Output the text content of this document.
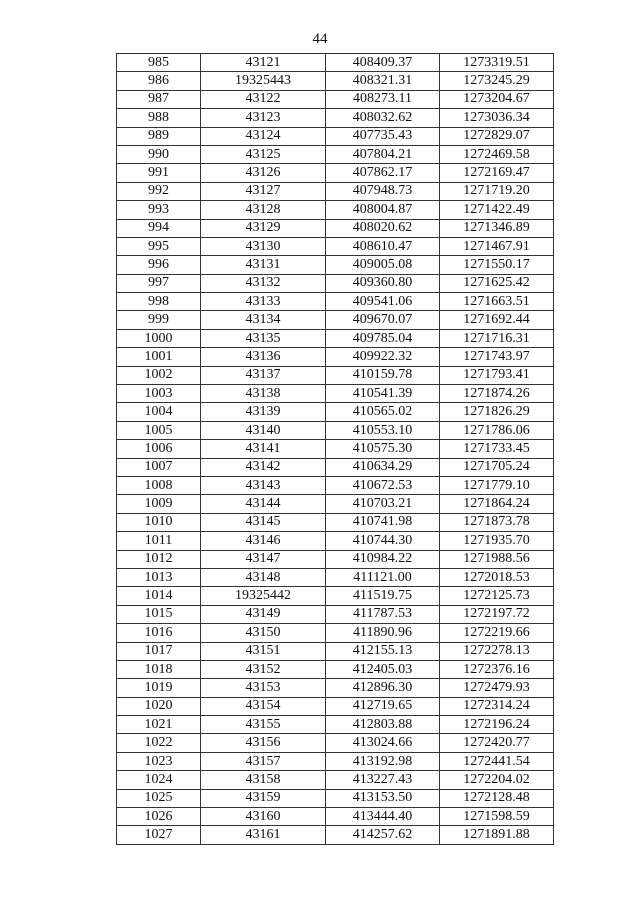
44
985	43121	408409.37	1273319.51
986	19325443	408321.31	1273245.29
987	43122	408273.11	1273204.67
988	43123	408032.62	1273036.34
989	43124	407735.43	1272829.07
990	43125	407804.21	1272469.58
991	43126	407862.17	1272169.47
992	43127	407948.73	1271719.20
993	43128	408004.87	1271422.49
994	43129	408020.62	1271346.89
995	43130	408610.47	1271467.91
996	43131	409005.08	1271550.17
997	43132	409360.80	1271625.42
998	43133	409541.06	1271663.51
999	43134	409670.07	1271692.44
1000	43135	409785.04	1271716.31
1001	43136	409922.32	1271743.97
1002	43137	410159.78	1271793.41
1003	43138	410541.39	1271874.26
1004	43139	410565.02	1271826.29
1005	43140	410553.10	1271786.06
1006	43141	410575.30	1271733.45
1007	43142	410634.29	1271705.24
1008	43143	410672.53	1271779.10
1009	43144	410703.21	1271864.24
1010	43145	410741.98	1271873.78
1011	43146	410744.30	1271935.70
1012	43147	410984.22	1271988.56
1013	43148	411121.00	1272018.53
1014	19325442	411519.75	1272125.73
1015	43149	411787.53	1272197.72
1016	43150	411890.96	1272219.66
1017	43151	412155.13	1272278.13
1018	43152	412405.03	1272376.16
1019	43153	412896.30	1272479.93
1020	43154	412719.65	1272314.24
1021	43155	412803.88	1272196.24
1022	43156	413024.66	1272420.77
1023	43157	413192.98	1272441.54
1024	43158	413227.43	1272204.02
1025	43159	413153.50	1272128.48
1026	43160	413444.40	1271598.59
1027	43161	414257.62	1271891.88
